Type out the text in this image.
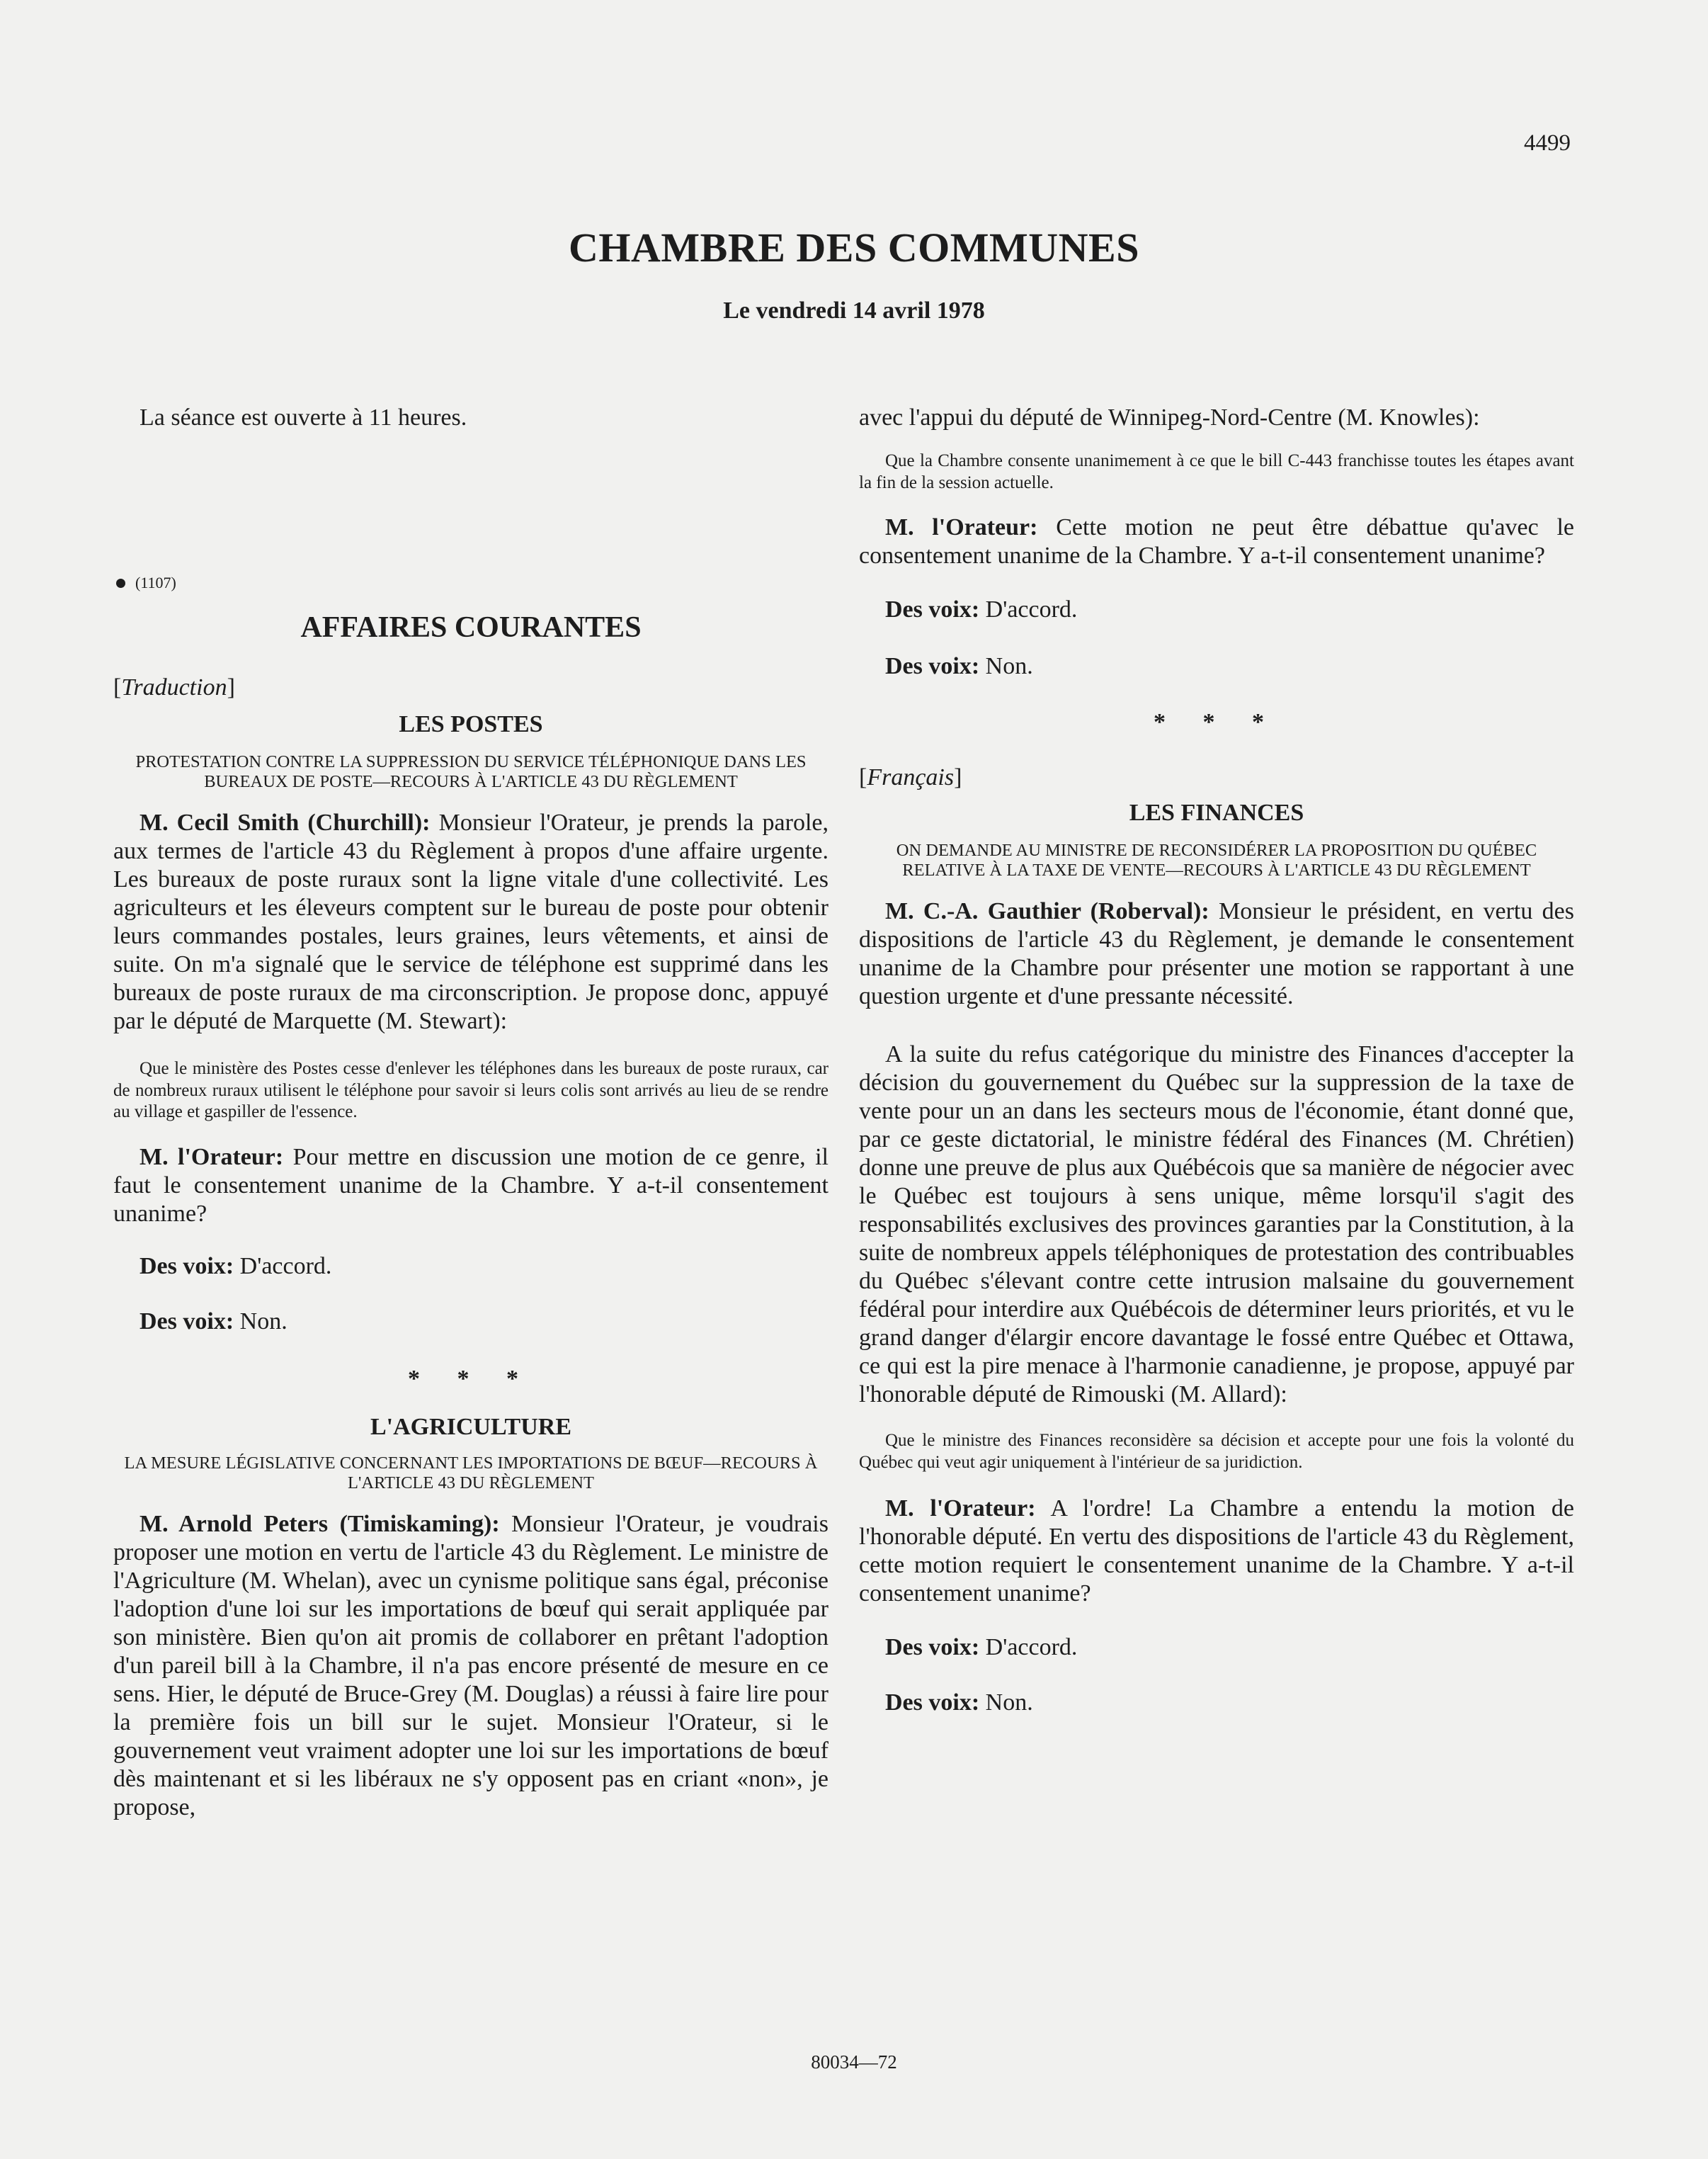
4499
CHAMBRE DES COMMUNES
Le vendredi 14 avril 1978

La séance est ouverte à 11 heures.

(1107)

AFFAIRES COURANTES

[Traduction]

LES POSTES

PROTESTATION CONTRE LA SUPPRESSION DU SERVICE TÉLÉPHONIQUE DANS LES BUREAUX DE POSTE—RECOURS À L'ARTICLE 43 DU RÈGLEMENT

M. Cecil Smith (Churchill): Monsieur l'Orateur, je prends la parole, aux termes de l'article 43 du Règlement à propos d'une affaire urgente. Les bureaux de poste ruraux sont la ligne vitale d'une collectivité. Les agriculteurs et les éleveurs comptent sur le bureau de poste pour obtenir leurs commandes postales, leurs graines, leurs vêtements, et ainsi de suite. On m'a signalé que le service de téléphone est supprimé dans les bureaux de poste ruraux de ma circonscription. Je propose donc, appuyé par le député de Marquette (M. Stewart):

Que le ministère des Postes cesse d'enlever les téléphones dans les bureaux de poste ruraux, car de nombreux ruraux utilisent le téléphone pour savoir si leurs colis sont arrivés au lieu de se rendre au village et gaspiller de l'essence.

M. l'Orateur: Pour mettre en discussion une motion de ce genre, il faut le consentement unanime de la Chambre. Y a-t-il consentement unanime?

Des voix: D'accord.

Des voix: Non.

* * *

L'AGRICULTURE

LA MESURE LÉGISLATIVE CONCERNANT LES IMPORTATIONS DE BŒUF—RECOURS À L'ARTICLE 43 DU RÈGLEMENT

M. Arnold Peters (Timiskaming): Monsieur l'Orateur, je voudrais proposer une motion en vertu de l'article 43 du Règlement. Le ministre de l'Agriculture (M. Whelan), avec un cynisme politique sans égal, préconise l'adoption d'une loi sur les importations de bœuf qui serait appliquée par son ministère. Bien qu'on ait promis de collaborer en prêtant l'adoption d'un pareil bill à la Chambre, il n'a pas encore présenté de mesure en ce sens. Hier, le député de Bruce-Grey (M. Douglas) a réussi à faire lire pour la première fois un bill sur le sujet. Monsieur l'Orateur, si le gouvernement veut vraiment adopter une loi sur les importations de bœuf dès maintenant et si les libéraux ne s'y opposent pas en criant «non», je propose,

avec l'appui du député de Winnipeg-Nord-Centre (M. Knowles):

Que la Chambre consente unanimement à ce que le bill C-443 franchisse toutes les étapes avant la fin de la session actuelle.

M. l'Orateur: Cette motion ne peut être débattue qu'avec le consentement unanime de la Chambre. Y a-t-il consentement unanime?

Des voix: D'accord.

Des voix: Non.

* * *

[Français]

LES FINANCES

ON DEMANDE AU MINISTRE DE RECONSIDÉRER LA PROPOSITION DU QUÉBEC RELATIVE À LA TAXE DE VENTE—RECOURS À L'ARTICLE 43 DU RÈGLEMENT

M. C.-A. Gauthier (Roberval): Monsieur le président, en vertu des dispositions de l'article 43 du Règlement, je demande le consentement unanime de la Chambre pour présenter une motion se rapportant à une question urgente et d'une pressante nécessité.

A la suite du refus catégorique du ministre des Finances d'accepter la décision du gouvernement du Québec sur la suppression de la taxe de vente pour un an dans les secteurs mous de l'économie, étant donné que, par ce geste dictatorial, le ministre fédéral des Finances (M. Chrétien) donne une preuve de plus aux Québécois que sa manière de négocier avec le Québec est toujours à sens unique, même lorsqu'il s'agit des responsabilités exclusives des provinces garanties par la Constitution, à la suite de nombreux appels téléphoniques de protestation des contribuables du Québec s'élevant contre cette intrusion malsaine du gouvernement fédéral pour interdire aux Québécois de déterminer leurs priorités, et vu le grand danger d'élargir encore davantage le fossé entre Québec et Ottawa, ce qui est la pire menace à l'harmonie canadienne, je propose, appuyé par l'honorable député de Rimouski (M. Allard):

Que le ministre des Finances reconsidère sa décision et accepte pour une fois la volonté du Québec qui veut agir uniquement à l'intérieur de sa juridiction.

M. l'Orateur: A l'ordre! La Chambre a entendu la motion de l'honorable député. En vertu des dispositions de l'article 43 du Règlement, cette motion requiert le consentement unanime de la Chambre. Y a-t-il consentement unanime?

Des voix: D'accord.

Des voix: Non.

80034—72
